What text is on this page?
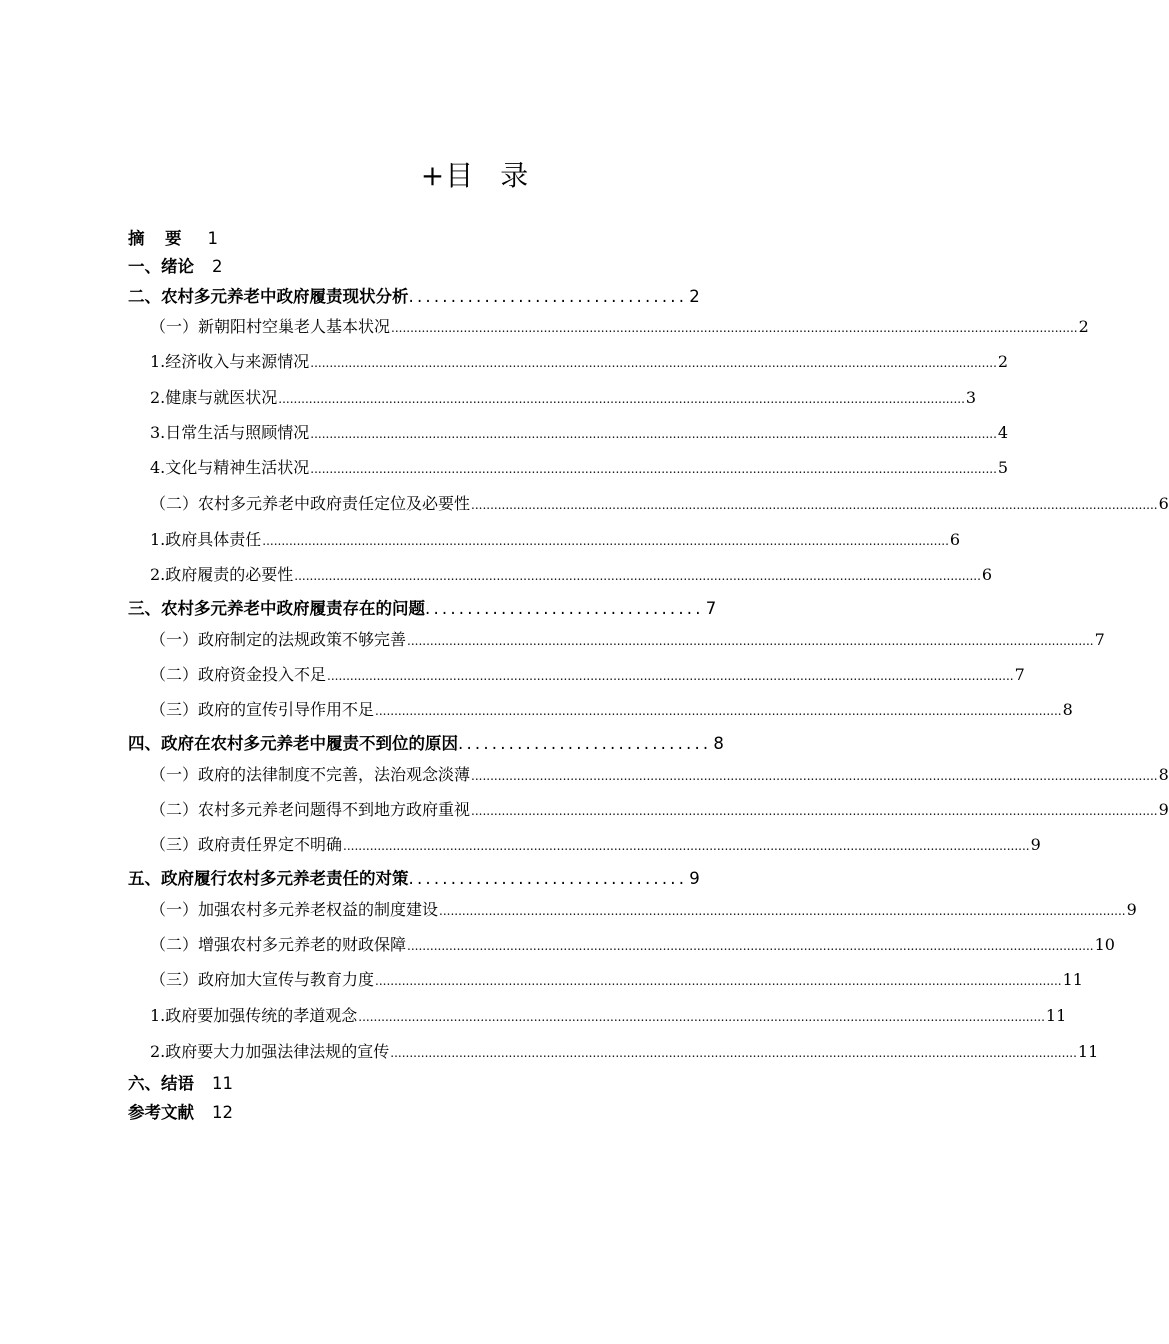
+目 录
摘　要 1
一、绪论 2
二、农村多元养老中政府履责现状分析 ................................. 2
（一）新朝阳村空巢老人基本状况 .................................................................................................................................................................................... 2
1.经济收入与来源情况 .................................................................................................................................................................................... 2
2.健康与就医状况 .................................................................................................................................................................................... 3
3.日常生活与照顾情况 .................................................................................................................................................................................... 4
4.文化与精神生活状况 .................................................................................................................................................................................... 5
（二）农村多元养老中政府责任定位及必要性 .................................................................................................................................................................................... 6
1.政府具体责任 .................................................................................................................................................................................... 6
2.政府履责的必要性 .................................................................................................................................................................................... 6
三、农村多元养老中政府履责存在的问题 ................................. 7
（一）政府制定的法规政策不够完善 .................................................................................................................................................................................... 7
（二）政府资金投入不足 .................................................................................................................................................................................... 7
（三）政府的宣传引导作用不足 .................................................................................................................................................................................... 8
四、政府在农村多元养老中履责不到位的原因 .............................. 8
（一）政府的法律制度不完善，法治观念淡薄 .................................................................................................................................................................................... 8
（二）农村多元养老问题得不到地方政府重视 .................................................................................................................................................................................... 9
（三）政府责任界定不明确 .................................................................................................................................................................................... 9
五、政府履行农村多元养老责任的对策 ................................. 9
（一）加强农村多元养老权益的制度建设 .................................................................................................................................................................................... 9
（二）增强农村多元养老的财政保障 .................................................................................................................................................................................... 10
（三）政府加大宣传与教育力度 .................................................................................................................................................................................... 11
1.政府要加强传统的孝道观念 .................................................................................................................................................................................... 11
2.政府要大力加强法律法规的宣传 .................................................................................................................................................................................... 11
六、结语 11
参考文献 12
